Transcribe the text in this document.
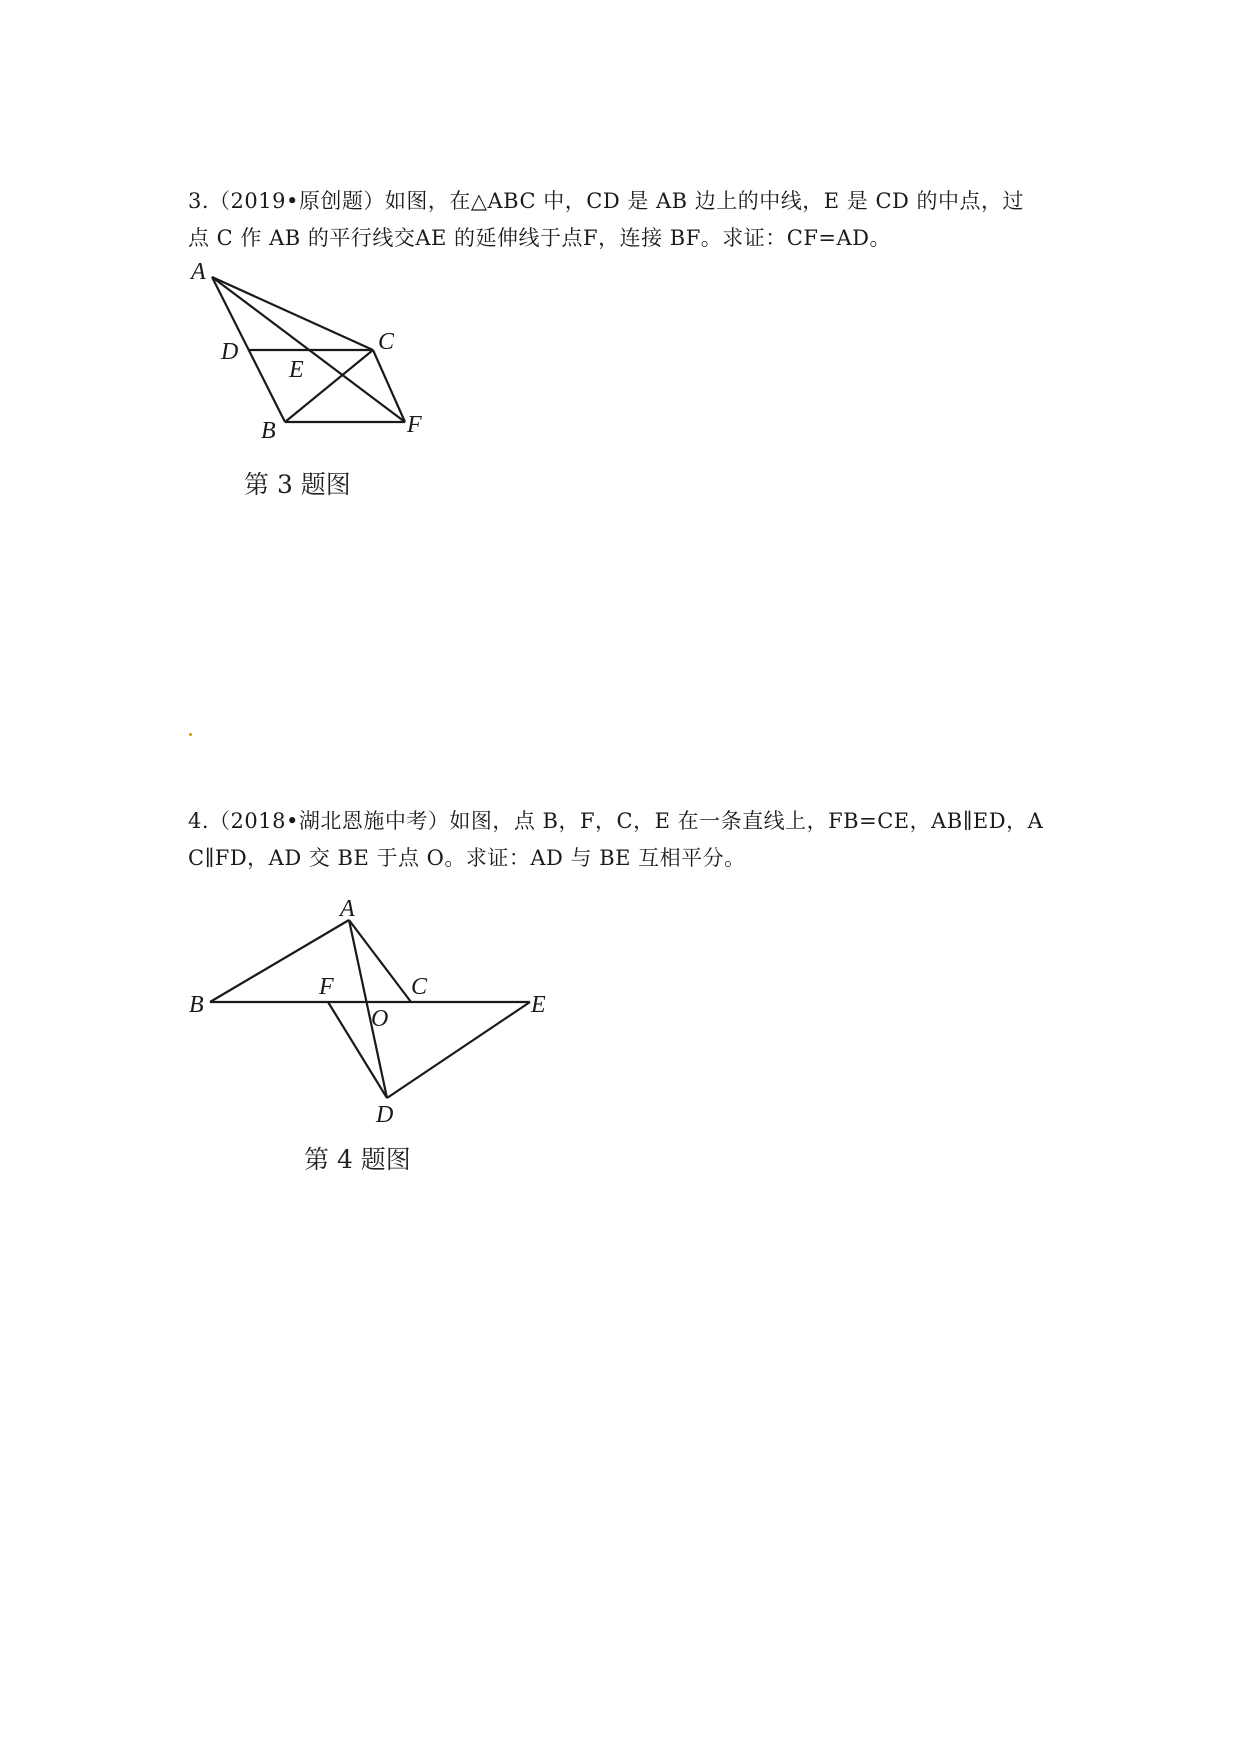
3.（2019•原创题）如图，在△ABC 中，CD 是 AB 边上的中线，E 是 CD 的中点，过
点 C 作 AB 的平行线交AE 的延伸线于点F，连接 BF。求证：CF=AD。
A
D
E
C
B	F
第 3 题图
4.（2018•湖北恩施中考）如图，点 B，F，C，E 在一条直线上，FB=CE，AB∥ED，A
C∥FD，AD 交 BE 于点 O。求证：AD 与 BE 互相平分。
A
B
F	C
E
O
D
第 4 题图
